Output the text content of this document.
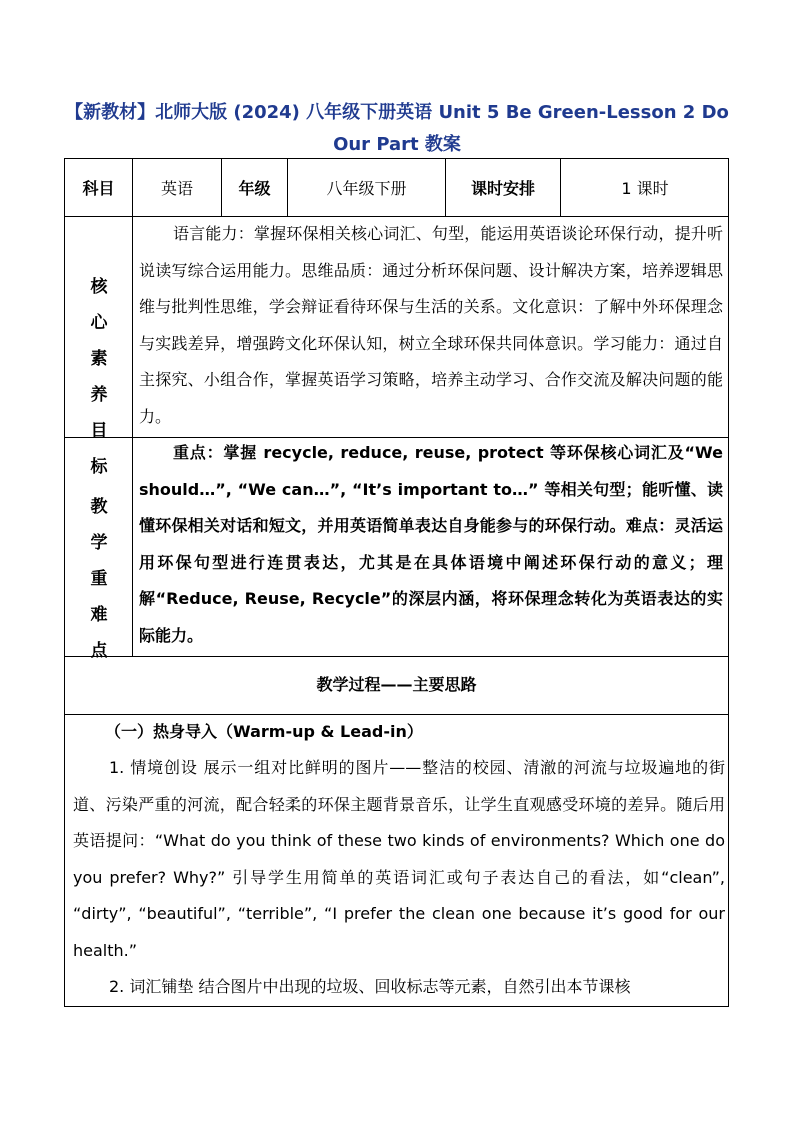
【新教材】北师大版 (2024) 八年级下册英语 Unit 5 Be Green-Lesson 2 Do Our Part 教案
科目	英语	年级	八年级下册	课时安排	1 课时
核心素养目标
语言能力：掌握环保相关核心词汇、句型，能运用英语谈论环保行动，提升听说读写综合运用能力。思维品质：通过分析环保问题、设计解决方案，培养逻辑思维与批判性思维，学会辩证看待环保与生活的关系。文化意识：了解中外环保理念与实践差异，增强跨文化环保认知，树立全球环保共同体意识。学习能力：通过自主探究、小组合作，掌握英语学习策略，培养主动学习、合作交流及解决问题的能力。
教学重难点
重点：掌握 recycle, reduce, reuse, protect 等环保核心词汇及“We should…”, “We can…”, “It’s important to…” 等相关句型；能听懂、读懂环保相关对话和短文，并用英语简单表达自身能参与的环保行动。难点：灵活运用环保句型进行连贯表达，尤其是在具体语境中阐述环保行动的意义；理解“Reduce, Reuse, Recycle”的深层内涵，将环保理念转化为英语表达的实际能力。
教学过程——主要思路
（一）热身导入（Warm-up & Lead-in）
1. 情境创设 展示一组对比鲜明的图片——整洁的校园、清澈的河流与垃圾遍地的街道、污染严重的河流，配合轻柔的环保主题背景音乐，让学生直观感受环境的差异。随后用英语提问：“What do you think of these two kinds of environments? Which one do you prefer? Why?” 引导学生用简单的英语词汇或句子表达自己的看法，如“clean”, “dirty”, “beautiful”, “terrible”, “I prefer the clean one because it’s good for our health.”
2. 词汇铺垫 结合图片中出现的垃圾、回收标志等元素，自然引出本节课核
